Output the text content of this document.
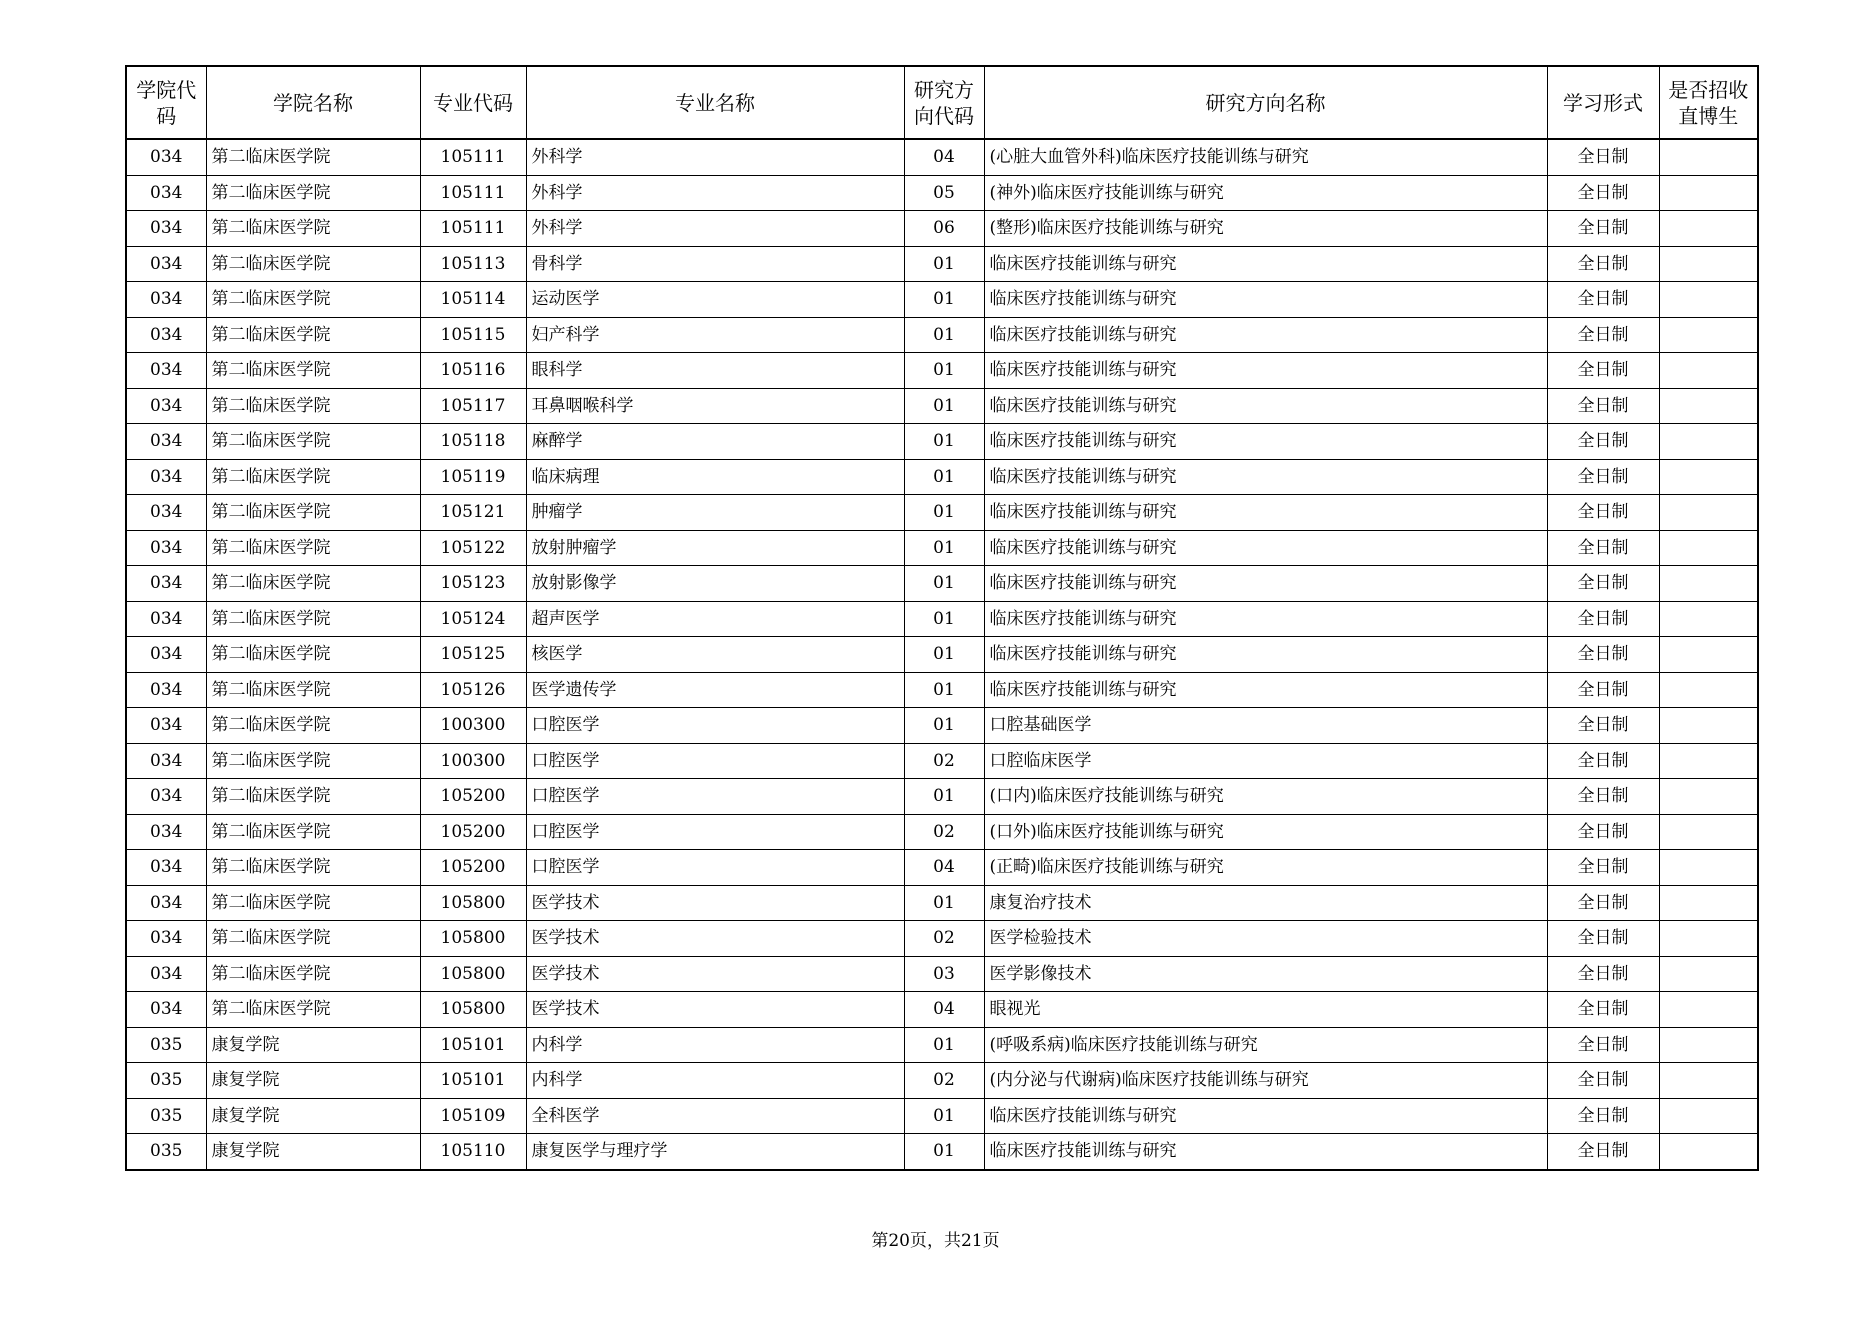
学院代码	学院名称	专业代码	专业名称	研究方向代码	研究方向名称	学习形式	是否招收直博生
034	第二临床医学院	105111	外科学	04	(心脏大血管外科)临床医疗技能训练与研究	全日制	
034	第二临床医学院	105111	外科学	05	(神外)临床医疗技能训练与研究	全日制	
034	第二临床医学院	105111	外科学	06	(整形)临床医疗技能训练与研究	全日制	
034	第二临床医学院	105113	骨科学	01	临床医疗技能训练与研究	全日制	
034	第二临床医学院	105114	运动医学	01	临床医疗技能训练与研究	全日制	
034	第二临床医学院	105115	妇产科学	01	临床医疗技能训练与研究	全日制	
034	第二临床医学院	105116	眼科学	01	临床医疗技能训练与研究	全日制	
034	第二临床医学院	105117	耳鼻咽喉科学	01	临床医疗技能训练与研究	全日制	
034	第二临床医学院	105118	麻醉学	01	临床医疗技能训练与研究	全日制	
034	第二临床医学院	105119	临床病理	01	临床医疗技能训练与研究	全日制	
034	第二临床医学院	105121	肿瘤学	01	临床医疗技能训练与研究	全日制	
034	第二临床医学院	105122	放射肿瘤学	01	临床医疗技能训练与研究	全日制	
034	第二临床医学院	105123	放射影像学	01	临床医疗技能训练与研究	全日制	
034	第二临床医学院	105124	超声医学	01	临床医疗技能训练与研究	全日制	
034	第二临床医学院	105125	核医学	01	临床医疗技能训练与研究	全日制	
034	第二临床医学院	105126	医学遗传学	01	临床医疗技能训练与研究	全日制	
034	第二临床医学院	100300	口腔医学	01	口腔基础医学	全日制	
034	第二临床医学院	100300	口腔医学	02	口腔临床医学	全日制	
034	第二临床医学院	105200	口腔医学	01	(口内)临床医疗技能训练与研究	全日制	
034	第二临床医学院	105200	口腔医学	02	(口外)临床医疗技能训练与研究	全日制	
034	第二临床医学院	105200	口腔医学	04	(正畸)临床医疗技能训练与研究	全日制	
034	第二临床医学院	105800	医学技术	01	康复治疗技术	全日制	
034	第二临床医学院	105800	医学技术	02	医学检验技术	全日制	
034	第二临床医学院	105800	医学技术	03	医学影像技术	全日制	
034	第二临床医学院	105800	医学技术	04	眼视光	全日制	
035	康复学院	105101	内科学	01	(呼吸系病)临床医疗技能训练与研究	全日制	
035	康复学院	105101	内科学	02	(内分泌与代谢病)临床医疗技能训练与研究	全日制	
035	康复学院	105109	全科医学	01	临床医疗技能训练与研究	全日制	
035	康复学院	105110	康复医学与理疗学	01	临床医疗技能训练与研究	全日制	
第20页，共21页
